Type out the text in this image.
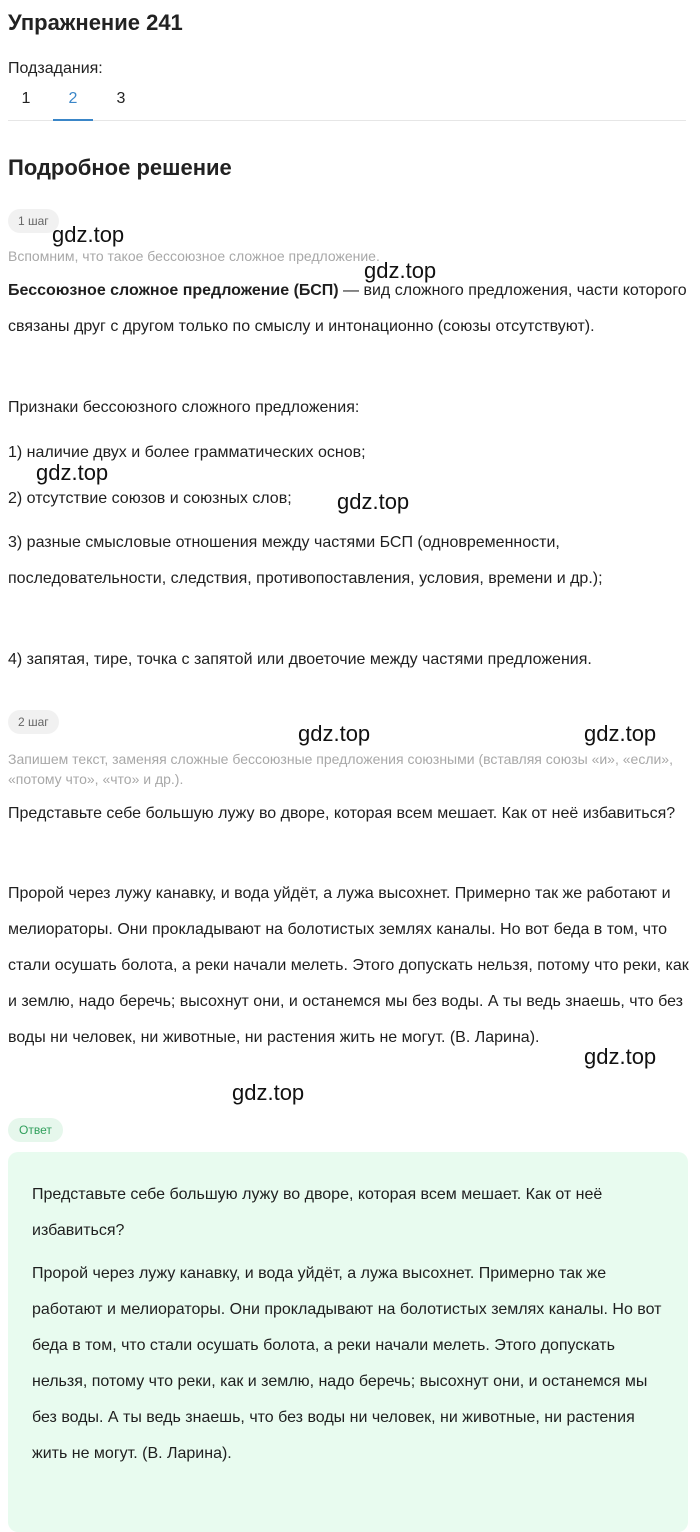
Упражнение 241
Подзадания:
1	2	3
Подробное решение
1 шаг
Вспомним, что такое бессоюзное сложное предложение.
Бессоюзное сложное предложение (БСП) — вид сложного предложения, части которого связаны друг с другом только по смыслу и интонационно (союзы отсутствуют).
Признаки бессоюзного сложного предложения:
1) наличие двух и более грамматических основ;
2) отсутствие союзов и союзных слов;
3) разные смысловые отношения между частями БСП (одновременности, последовательности, следствия, противопоставления, условия, времени и др.);
4) запятая, тире, точка с запятой или двоеточие между частями предложения.
2 шаг
Запишем текст, заменяя сложные бессоюзные предложения союзными (вставляя союзы «и», «если», «потому что», «что» и др.).
Представьте себе большую лужу во дворе, которая всем мешает. Как от неё избавиться?
Пророй через лужу канавку, и вода уйдёт, а лужа высохнет. Примерно так же работают и мелиораторы. Они прокладывают на болотистых землях каналы. Но вот беда в том, что стали осушать болота, а реки начали мелеть. Этого допускать нельзя, потому что реки, как и землю, надо беречь; высохнут они, и останемся мы без воды. А ты ведь знаешь, что без воды ни человек, ни животные, ни растения жить не могут. (В. Ларина).
Ответ
Представьте себе большую лужу во дворе, которая всем мешает. Как от неё избавиться?
Пророй через лужу канавку, и вода уйдёт, а лужа высохнет. Примерно так же работают и мелиораторы. Они прокладывают на болотистых землях каналы. Но вот беда в том, что стали осушать болота, а реки начали мелеть. Этого допускать нельзя, потому что реки, как и землю, надо беречь; высохнут они, и останемся мы без воды. А ты ведь знаешь, что без воды ни человек, ни животные, ни растения жить не могут. (В. Ларина).
gdz.top
gdz.top
gdz.top
gdz.top
gdz.top	gdz.top
gdz.top
gdz.top
